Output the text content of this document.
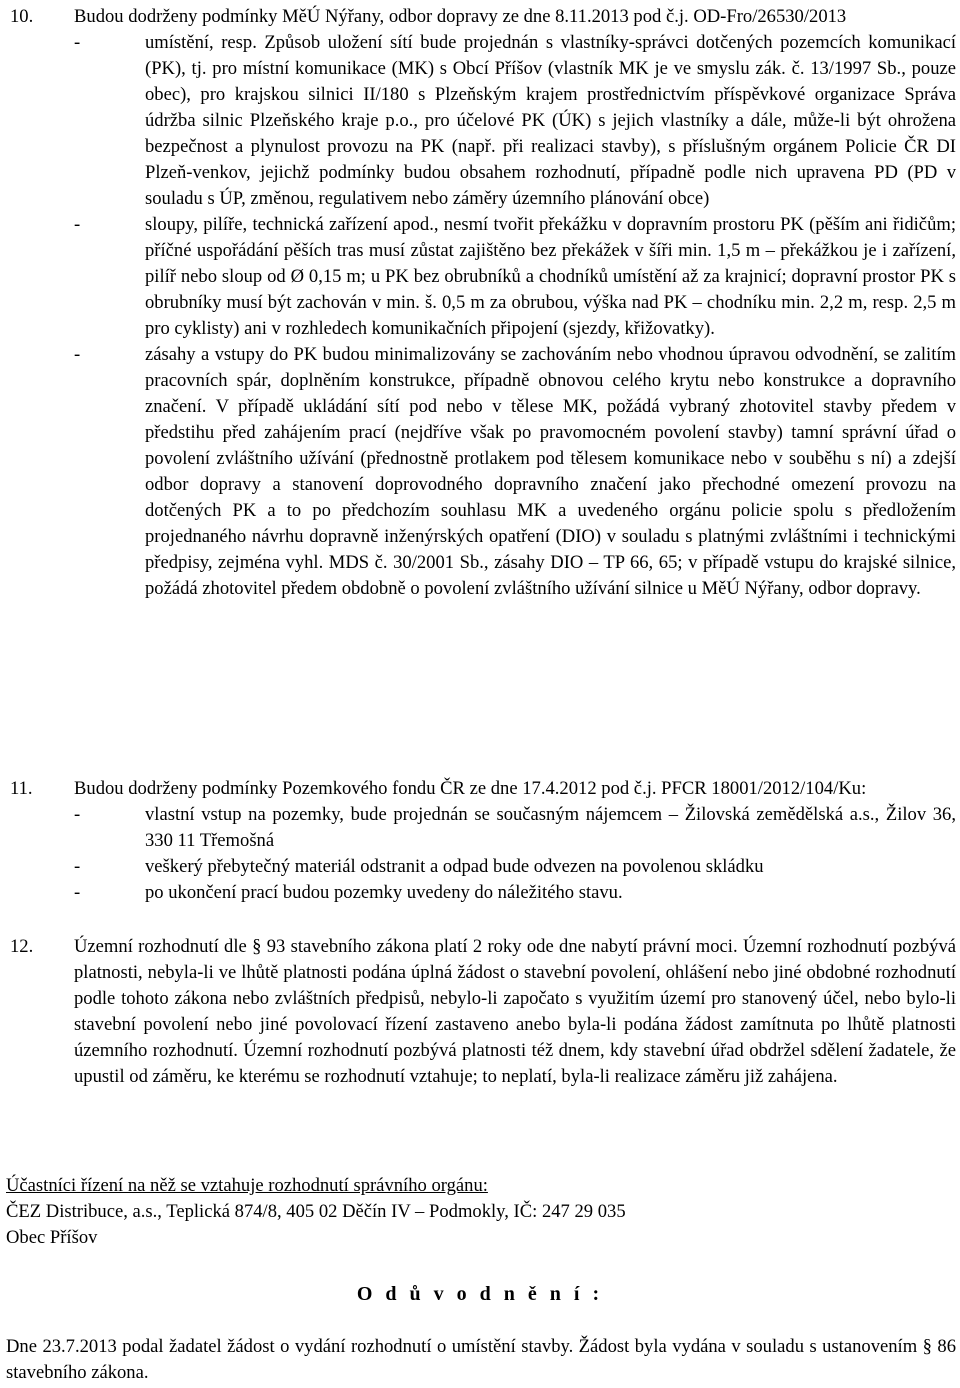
10. Budou dodrženy podmínky MěÚ Nýřany, odbor dopravy ze dne 8.11.2013 pod č.j. OD-Fro/26530/2013

-	umístění, resp. Způsob uložení sítí bude projednán s vlastníky-správci dotčených pozemcích komunikací (PK), tj. pro místní komunikace (MK) s Obcí Příšov (vlastník MK je ve smyslu zák. č. 13/1997 Sb., pouze obec), pro krajskou silnici II/180 s Plzeňským krajem prostřednictvím příspěvkové organizace Správa údržba silnic Plzeňského kraje p.o., pro účelové PK (ÚK) s jejich vlastníky a dále, může-li být ohrožena bezpečnost a plynulost provozu na PK (např. při realizaci stavby), s příslušným orgánem Policie ČR DI Plzeň-venkov, jejichž podmínky budou obsahem rozhodnutí, případně podle nich upravena PD (PD v souladu s ÚP, změnou, regulativem nebo záměry územního plánování obce)

-	sloupy, pilíře, technická zařízení apod., nesmí tvořit překážku v dopravním prostoru PK (pěším ani řidičům; příčné uspořádání pěších tras musí zůstat zajištěno bez překážek v šíři min. 1,5 m – překážkou je i zařízení, pilíř nebo sloup od Ø 0,15 m; u PK bez obrubníků a chodníků umístění až za krajnicí; dopravní prostor PK s obrubníky musí být zachován v min. š. 0,5 m za obrubou, výška nad PK – chodníku min. 2,2 m, resp. 2,5 m pro cyklisty) ani v rozhledech komunikačních připojení (sjezdy, křižovatky).

-	zásahy a vstupy do PK budou minimalizovány se zachováním nebo vhodnou úpravou odvodnění, se zalitím pracovních spár, doplněním konstrukce, případně obnovou celého krytu nebo konstrukce a dopravního značení. V případě ukládání sítí pod nebo v tělese MK, požádá vybraný zhotovitel stavby předem v předstihu před zahájením prací (nejdříve však po pravomocném povolení stavby) tamní správní úřad o povolení zvláštního užívání (přednostně protlakem pod tělesem komunikace nebo v souběhu s ní) a zdejší odbor dopravy a stanovení doprovodného dopravního značení jako přechodné omezení provozu na dotčených PK a to po předchozím souhlasu MK a uvedeného orgánu policie spolu s předložením projednaného návrhu dopravně inženýrských opatření (DIO) v souladu s platnými zvláštními i technickými předpisy, zejména vyhl. MDS č. 30/2001 Sb., zásahy DIO – TP 66, 65; v případě vstupu do krajské silnice, požádá zhotovitel předem obdobně o povolení zvláštního užívání silnice u MěÚ Nýřany, odbor dopravy.

11. Budou dodrženy podmínky Pozemkového fondu ČR ze dne 17.4.2012 pod č.j. PFCR 18001/2012/104/Ku:

-	vlastní vstup na pozemky, bude projednán se současným nájemcem – Žilovská zemědělská a.s., Žilov 36, 330 11 Třemošná

-	veškerý přebytečný materiál odstranit a odpad bude odvezen na povolenou skládku

-	po ukončení prací budou pozemky uvedeny do náležitého stavu.

12. Územní rozhodnutí dle § 93 stavebního zákona platí 2 roky ode dne nabytí právní moci. Územní rozhodnutí pozbývá platnosti, nebyla-li ve lhůtě platnosti podána úplná žádost o stavební povolení, ohlášení nebo jiné obdobné rozhodnutí podle tohoto zákona nebo zvláštních předpisů, nebylo-li započato s využitím území pro stanovený účel, nebo bylo-li stavební povolení nebo jiné povolovací řízení zastaveno anebo byla-li podána žádost zamítnuta po lhůtě platnosti územního rozhodnutí. Územní rozhodnutí pozbývá platnosti též dnem, kdy stavební úřad obdržel sdělení žadatele, že upustil od záměru, ke kterému se rozhodnutí vztahuje; to neplatí, byla-li realizace záměru již zahájena.

Účastníci řízení na něž se vztahuje rozhodnutí správního orgánu:

ČEZ Distribuce, a.s., Teplická 874/8, 405 02 Děčín IV – Podmokly, IČ: 247 29 035

Obec Příšov

O d ů v o d n ě n í :

Dne 23.7.2013 podal žadatel žádost o vydání rozhodnutí o umístění stavby. Žádost byla vydána v souladu s ustanovením § 86 stavebního zákona.
